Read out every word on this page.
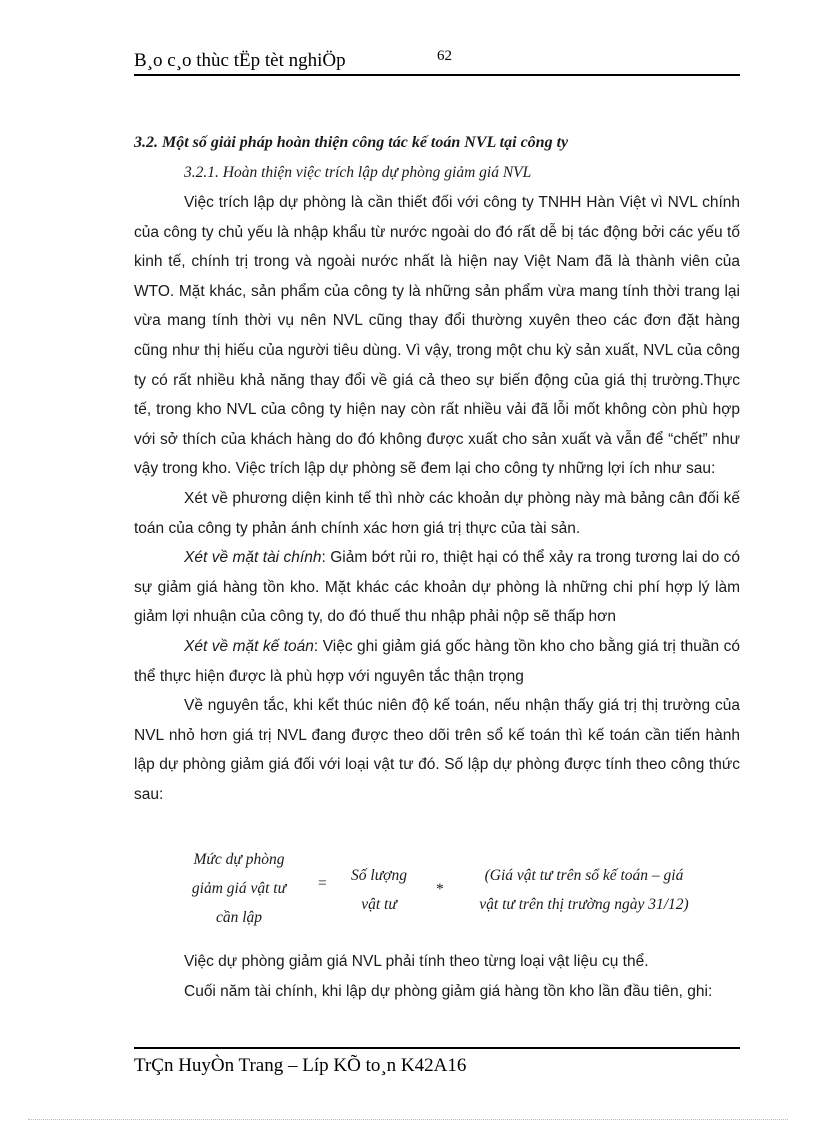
B¸o c¸o thùc tËp tèt nghiÖp	62
3.2. Một số giải pháp hoàn thiện công tác kế toán NVL tại công ty
3.2.1. Hoàn thiện việc trích lập dự phòng giảm giá NVL

Việc trích lập dự phòng là cần thiết đối với công ty TNHH Hàn Việt vì NVL chính của công ty chủ yếu là nhập khẩu từ nước ngoài do đó rất dễ bị tác động bởi các yếu tố kinh tế, chính trị trong và ngoài nước nhất là hiện nay Việt Nam đã là thành viên của WTO. Mặt khác, sản phẩm của công ty là những sản phẩm vừa mang tính thời trang lại vừa mang tính thời vụ nên NVL cũng thay đổi thường xuyên theo các đơn đặt hàng cũng như thị hiếu của người tiêu dùng. Vì vậy, trong một chu kỳ sản xuất, NVL của công ty có rất nhiều khả năng thay đổi về giá cả theo sự biến động của giá thị trường.Thực tế, trong kho NVL của công ty hiện nay còn rất nhiều vải đã lỗi mốt không còn phù hợp với sở thích của khách hàng do đó không được xuất cho sản xuất và vẫn để “chết” như vậy trong kho. Việc trích lập dự phòng sẽ đem lại cho công ty những lợi ích như sau:

Xét về phương diện kinh tế thì nhờ các khoản dự phòng này mà bảng cân đối kế toán của công ty phản ánh chính xác hơn giá trị thực của tài sản.

Xét về mặt tài chính: Giảm bớt rủi ro, thiệt hại có thể xảy ra trong tương lai do có sự giảm giá hàng tồn kho. Mặt khác các khoản dự phòng là những chi phí hợp lý làm giảm lợi nhuận của công ty, do đó thuế thu nhập phải nộp sẽ thấp hơn

Xét về mặt kế toán: Việc ghi giảm giá gốc hàng tồn kho cho bằng giá trị thuần có thể thực hiện được là phù hợp với nguyên tắc thận trọng

Về nguyên tắc, khi kết thúc niên độ kế toán, nếu nhận thấy giá trị thị trường của NVL nhỏ hơn giá trị NVL đang được theo dõi trên sổ kế toán thì kế toán cần tiến hành lập dự phòng giảm giá đối với loại vật tư đó. Số lập dự phòng được tính theo công thức sau:

Mức dự phòng
giảm giá vật tư
cần lập
=	Số lượng
vật tư
*
(Giá vật tư trên sổ kế toán – giá
vật tư trên thị trường ngày 31/12)

Việc dự phòng giảm giá NVL phải tính theo từng loại vật liệu cụ thể.

Cuối năm tài chính, khi lập dự phòng giảm giá hàng tồn kho lần đầu tiên, ghi:

TrÇn HuyÒn Trang – Líp KÕ to¸n K42A16
